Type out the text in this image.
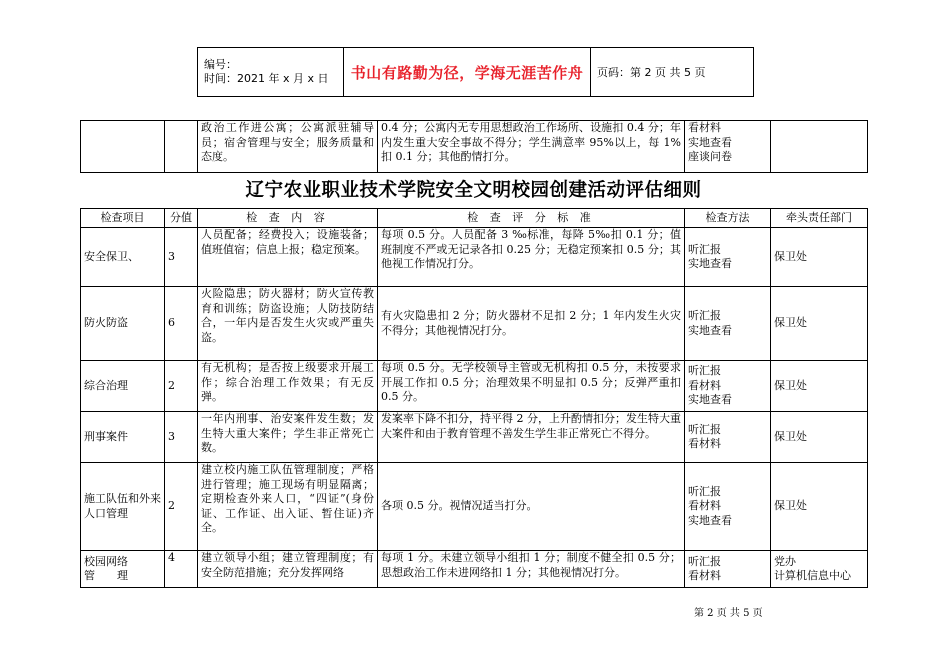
编号：
时间：2021 年 x 月 x 日	书山有路勤为径，学海无涯苦作舟	页码：第 2 页 共 5 页
		政治工作进公寓；公寓派驻辅导员；宿舍管理与安全；服务质量和态度。	0.4 分；公寓内无专用思想政治工作场所、设施扣 0.4 分；年内发生重大安全事故不得分；学生满意率 95%以上，每 1%扣 0.1 分；其他酌情打分。	看材料
实地查看
座谈问卷	
辽宁农业职业技术学院安全文明校园创建活动评估细则
检查项目	分值	检 查 内 容	检 查 评 分 标 准	检查方法	牵头责任部门
安全保卫、	3	人员配备；经费投入；设施装备；值班值宿；信息上报；稳定预案。	每项 0.5 分。人员配备 3 ‰标准，每降 5‰扣 0.1 分；值班制度不严或无记录各扣 0.25 分；无稳定预案扣 0.5 分；其他视工作情况打分。	听汇报
实地查看	保卫处
防火防盗	6	火险隐患；防火器材；防火宣传教育和训练；防盗设施；人防技防结合，一年内是否发生火灾或严重失盗。	有火灾隐患扣 2 分；防火器材不足扣 2 分；1 年内发生火灾不得分；其他视情况打分。	听汇报
实地查看	保卫处
综合治理	2	有无机构；是否按上级要求开展工作；综合治理工作效果；有无反弹。	每项 0.5 分。无学校领导主管或无机构扣 0.5 分，未按要求开展工作扣 0.5 分；治理效果不明显扣 0.5 分；反弹严重扣 0.5 分。	听汇报
看材料
实地查看	保卫处
刑事案件	3	一年内刑事、治安案件发生数；发生特大重大案件；学生非正常死亡数。	发案率下降不扣分，持平得 2 分，上升酌情扣分；发生特大重大案件和由于教育管理不善发生学生非正常死亡不得分。	听汇报
看材料	保卫处
施工队伍和外来人口管理	2	建立校内施工队伍管理制度；严格进行管理；施工现场有明显隔离；定期检查外来人口，“四证”(身份证、工作证、出入证、暂住证)齐全。	各项 0.5 分。视情况适当打分。	听汇报
看材料
实地查看	保卫处
校园网络
管　　理	4	建立领导小组；建立管理制度；有安全防范措施；充分发挥网络	每项 1 分。未建立领导小组扣 1 分；制度不健全扣 0.5 分；思想政治工作未进网络扣 1 分；其他视情况打分。	听汇报
看材料	党办
计算机信息中心
第 2 页 共 5 页
